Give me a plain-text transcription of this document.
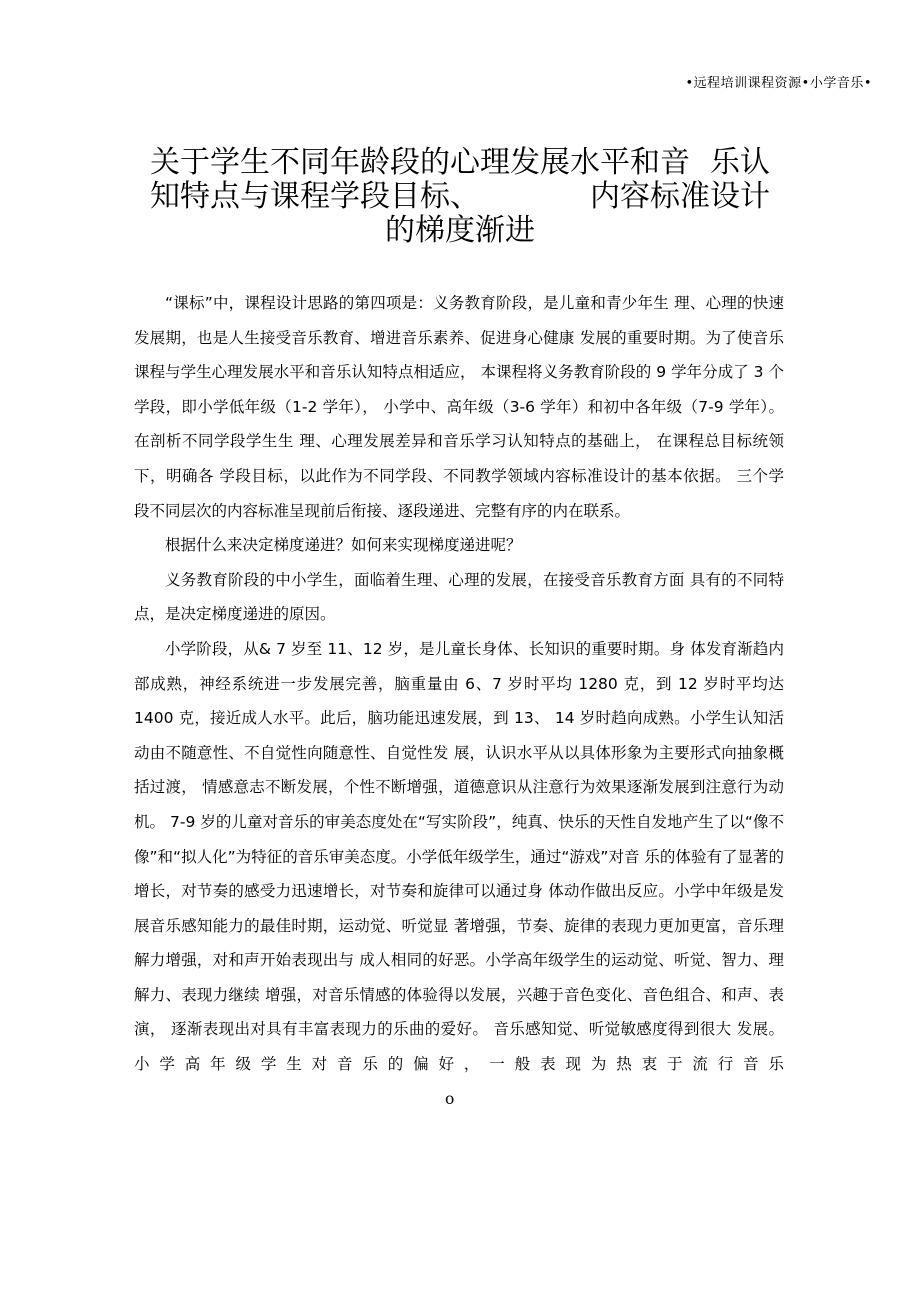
•远程培训课程资源•小学音乐•
关于学生不同年龄段的心理发展水平和音 乐认
知特点与课程学段目标、	内容标准设计
的梯度渐进

“课标”中，课程设计思路的第四项是：义务教育阶段，是儿童和青少年生 理、心理的快速发展期，也是人生接受音乐教育、增进音乐素养、促进身心健康 发展的重要时期。为了使音乐课程与学生心理发展水平和音乐认知特点相适应， 本课程将义务教育阶段的 9 学年分成了 3 个学段，即小学低年级（1-2 学年）， 小学中、高年级（3-6 学年）和初中各年级（7-9 学年）。在剖析不同学段学生生 理、心理发展差异和音乐学习认知特点的基础上， 在课程总目标统领下，明确各 学段目标，以此作为不同学段、不同教学领域内容标准设计的基本依据。 三个学 段不同层次的内容标准呈现前后衔接、逐段递进、完整有序的内在联系。

根据什么来决定梯度递进？如何来实现梯度递进呢？

义务教育阶段的中小学生，面临着生理、心理的发展，在接受音乐教育方面 具有的不同特点，是决定梯度递进的原因。

小学阶段，从& 7 岁至 11、12 岁，是儿童长身体、长知识的重要时期。身 体发育渐趋内部成熟，神经系统进一步发展完善，脑重量由 6、7 岁时平均 1280 克，到 12 岁时平均达 1400 克，接近成人水平。此后，脑功能迅速发展，到 13、 14 岁时趋向成熟。小学生认知活动由不随意性、不自觉性向随意性、自觉性发 展，认识水平从以具体形象为主要形式向抽象概括过渡， 情感意志不断发展，个性不断增强，道德意识从注意行为效果逐渐发展到注意行为动机。 7-9 岁的儿童对音乐的审美态度处在“写实阶段”，纯真、快乐的天性自发地产生了以“像不 像”和“拟人化”为特征的音乐审美态度。小学低年级学生，通过“游戏”对音 乐的体验有了显著的增长，对节奏的感受力迅速增长，对节奏和旋律可以通过身 体动作做出反应。小学中年级是发展音乐感知能力的最佳时期，运动觉、听觉显 著增强，节奏、旋律的表现力更加更富，音乐理解力增强，对和声开始表现出与 成人相同的好恶。小学高年级学生的运动觉、听觉、智力、理解力、表现力继续 增强，对音乐情感的体验得以发展，兴趣于音色变化、音色组合、和声、表演， 逐渐表现出对具有丰富表现力的乐曲的爱好。 音乐感知觉、听觉敏感度得到很大 发展。小学高年级学生对音乐的偏好，一般表现为热衷于流行音乐o
